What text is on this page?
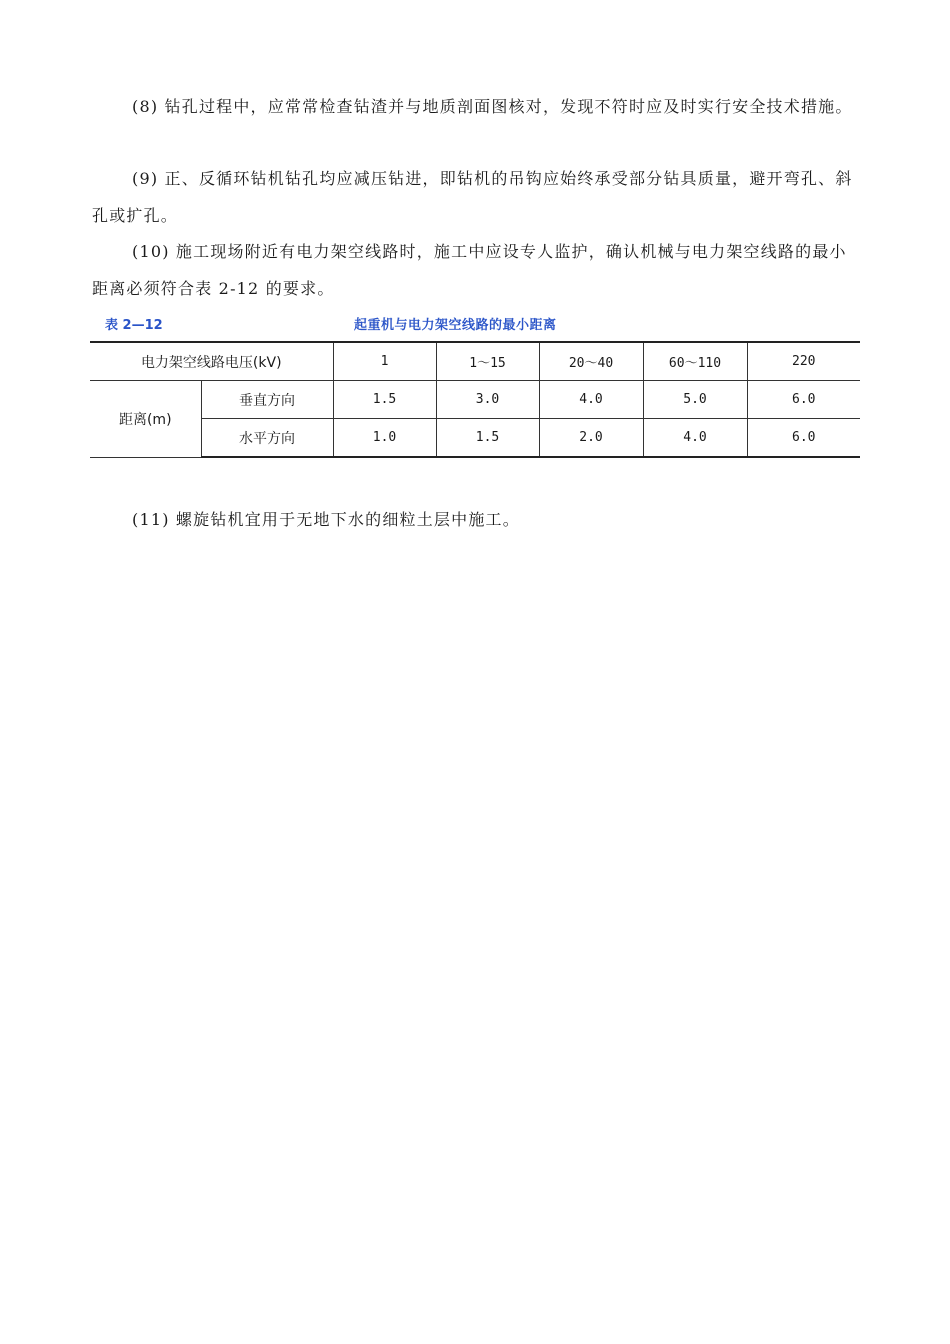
(8) 钻孔过程中，应常常检查钻渣并与地质剖面图核对，发现不符时应及时实行安全技术措施。

(9) 正、反循环钻机钻孔均应减压钻进，即钻机的吊钩应始终承受部分钻具质量，避开弯孔、斜孔或扩孔。

(10) 施工现场附近有电力架空线路时，施工中应设专人监护，确认机械与电力架空线路的最小距离必须符合表 2-12 的要求。

表 2—12	起重机与电力架空线路的最小距离
电力架空线路电压(kV)		1	1～15	20～40	60～110	220
距离(m)	垂直方向	1.5	3.0	4.0	5.0	6.0
	水平方向	1.0	1.5	2.0	4.0	6.0

(11) 螺旋钻机宜用于无地下水的细粒土层中施工。
